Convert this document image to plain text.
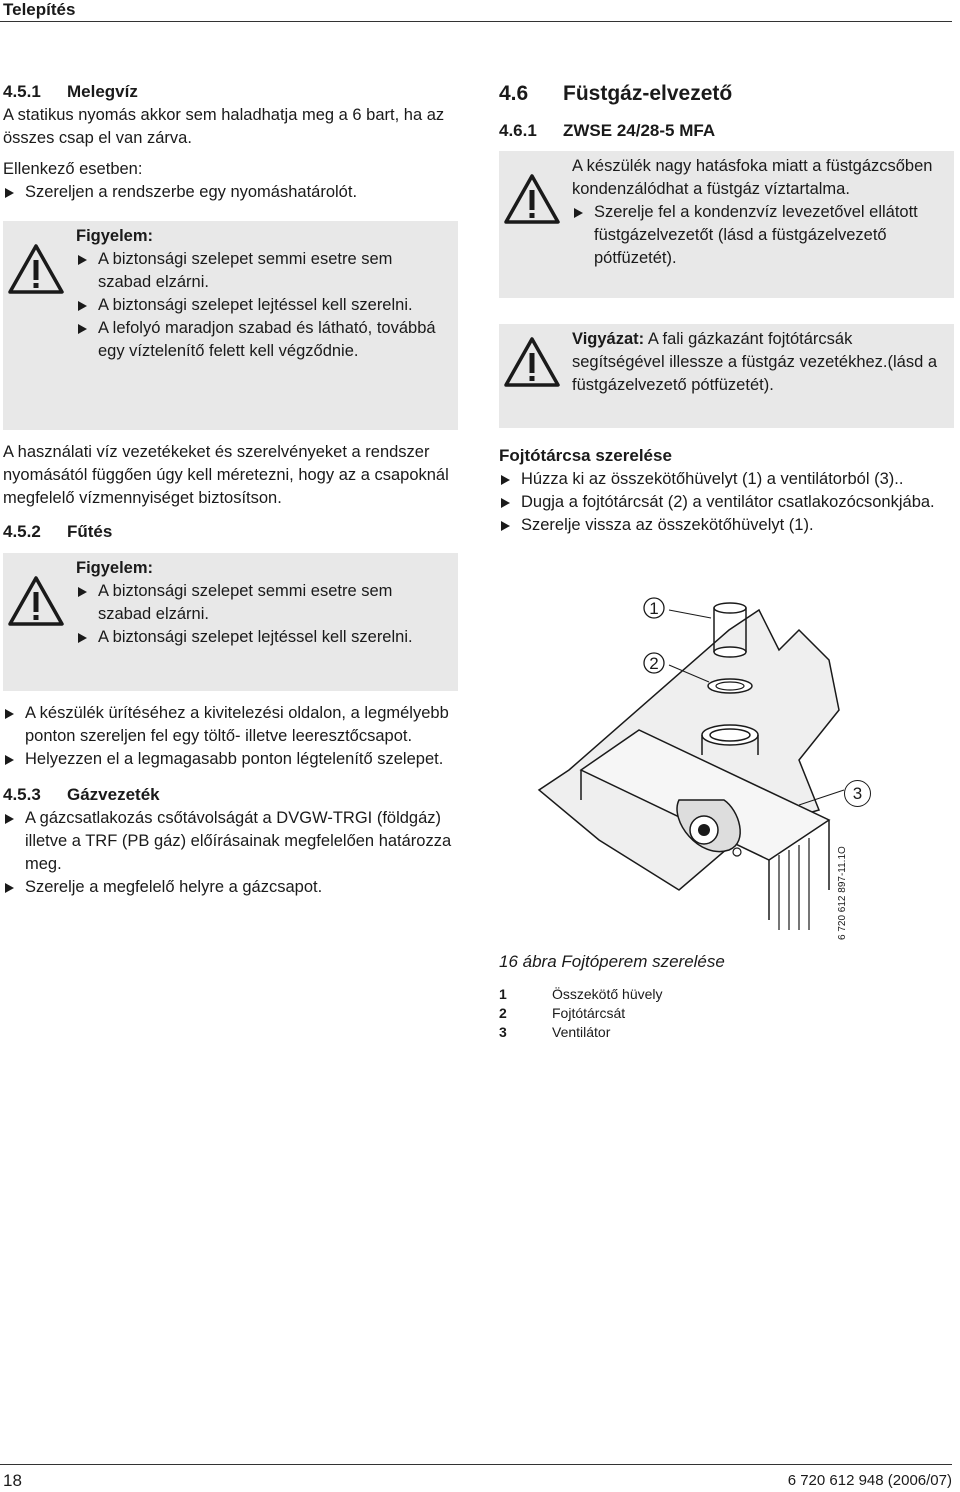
Telepítés
4.5.1 Melegvíz

A statikus nyomás akkor sem haladhatja meg a 6 bart, ha az összes csap el van zárva.

Ellenkező esetben:

Szereljen a rendszerbe egy nyomáshatárolót.
Figyelem:
A biztonsági szelepet semmi esetre sem szabad elzárni.
A biztonsági szelepet lejtéssel kell szerelni.
A lefolyó maradjon szabad és látható, továbbá egy víztelenítő felett kell végződnie.

A használati víz vezetékeket és szerelvényeket a rendszer nyomásától függően úgy kell méretezni, hogy az a csapoknál megfelelő vízmennyiséget biztosítson.

4.5.2 Fűtés
Figyelem:
A biztonsági szelepet semmi esetre sem szabad elzárni.
A biztonsági szelepet lejtéssel kell szerelni.
A készülék ürítéséhez a kivitelezési oldalon, a legmélyebb ponton szereljen fel egy töltő- illetve leeresztőcsapot.
Helyezzen el a legmagasabb ponton légtelenítő szelepet.
4.5.3 Gázvezeték
A gázcsatlakozás csőtávolságát a DVGW-TRGI (földgáz) illetve a TRF (PB gáz) előírásainak megfelelően határozza meg.
Szerelje a megfelelő helyre a gázcsapot.
4.6 Füstgáz-elvezető
4.6.1 ZWSE 24/28-5 MFA

A készülék nagy hatásfoka miatt a füstgázcsőben kondenzálódhat a füstgáz víztartalma.

Szerelje fel a kondenzvíz levezetővel ellátott füstgázelvezetőt (lásd a füstgázelvezető pótfüzetét).

Vigyázat: A fali gázkazánt fojtótárcsák segítségével illessze a füstgáz vezetékhez.(lásd a füstgázelvezető pótfüzetét).

Fojtótárcsa szerelése
Húzza ki az összekötőhüvelyt (1) a ventilátorból (3)..
Dugja a fojtótárcsát (2) a ventilátor csatlakozócsonkjába.
Szerelje vissza az összekötőhüvelyt (1).
1
2
3
6 720 612 897-11.1O
16 ábra Fojtóperem szerelése
1	Összekötő hüvely
2	Fojtótárcsát
3	Ventilátor
18	6 720 612 948 (2006/07)
